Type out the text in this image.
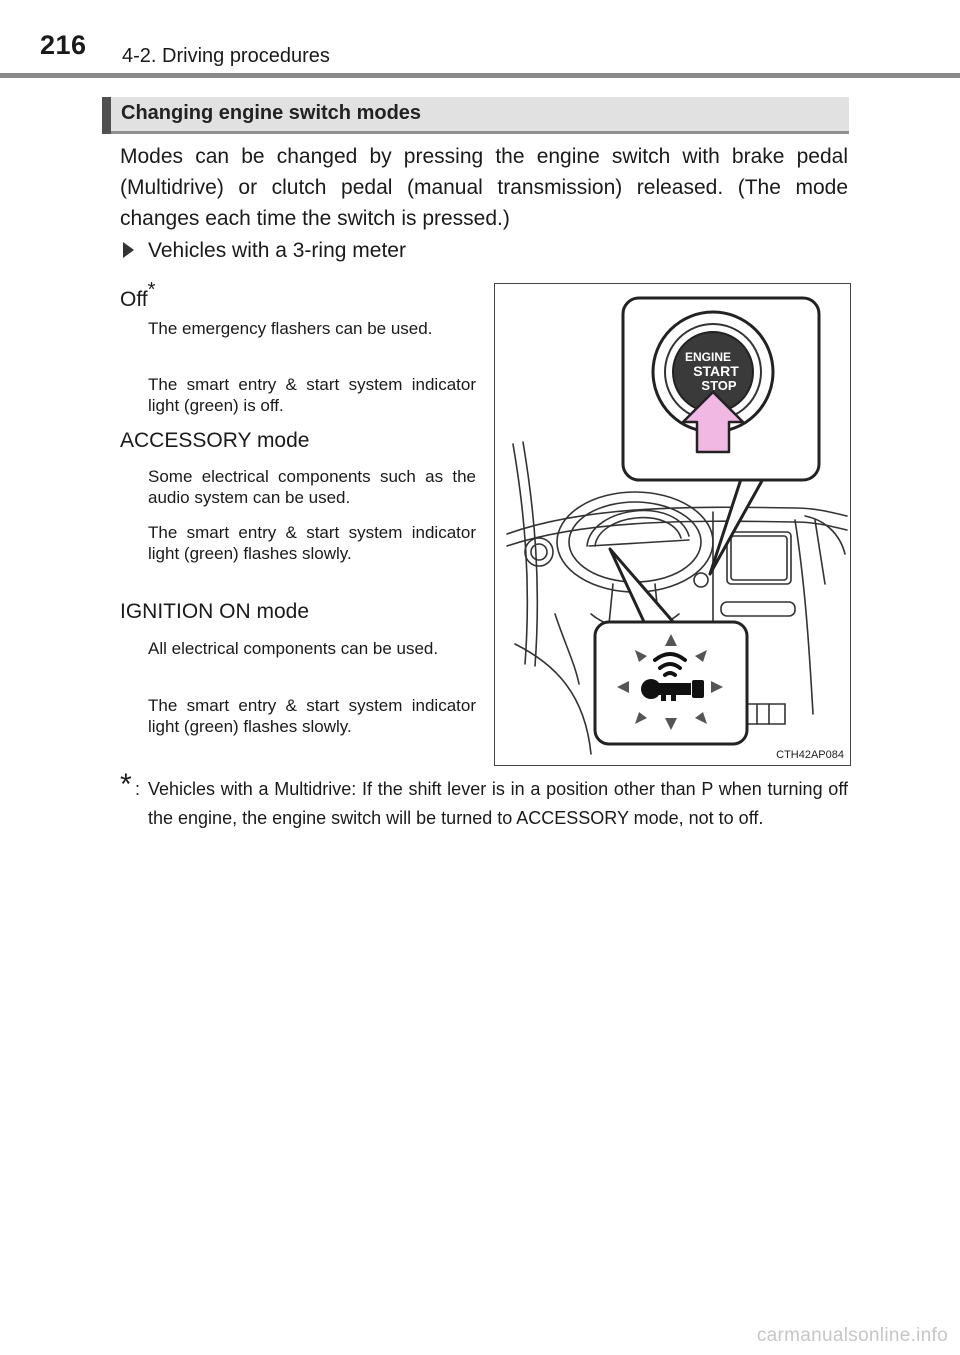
216 4-2. Driving procedures
Changing engine switch modes

Modes can be changed by pressing the engine switch with brake pedal (Multidrive) or clutch pedal (manual transmission) released. (The mode changes each time the switch is pressed.)

Vehicles with a 3-ring meter

Off*

The emergency flashers can be used.

The smart entry & start system indicator light (green) is off.

ACCESSORY mode

Some electrical components such as the audio system can be used.

The smart entry & start system indicator light (green) flashes slowly.

IGNITION ON mode

All electrical components can be used.

The smart entry & start system indicator light (green) flashes slowly.

ENGINE
START
STOP
CTH42AP084
* : Vehicles with a Multidrive: If the shift lever is in a position other than P when turning off the engine, the engine switch will be turned to ACCESSORY mode, not to off.
carmanualsonline.info
